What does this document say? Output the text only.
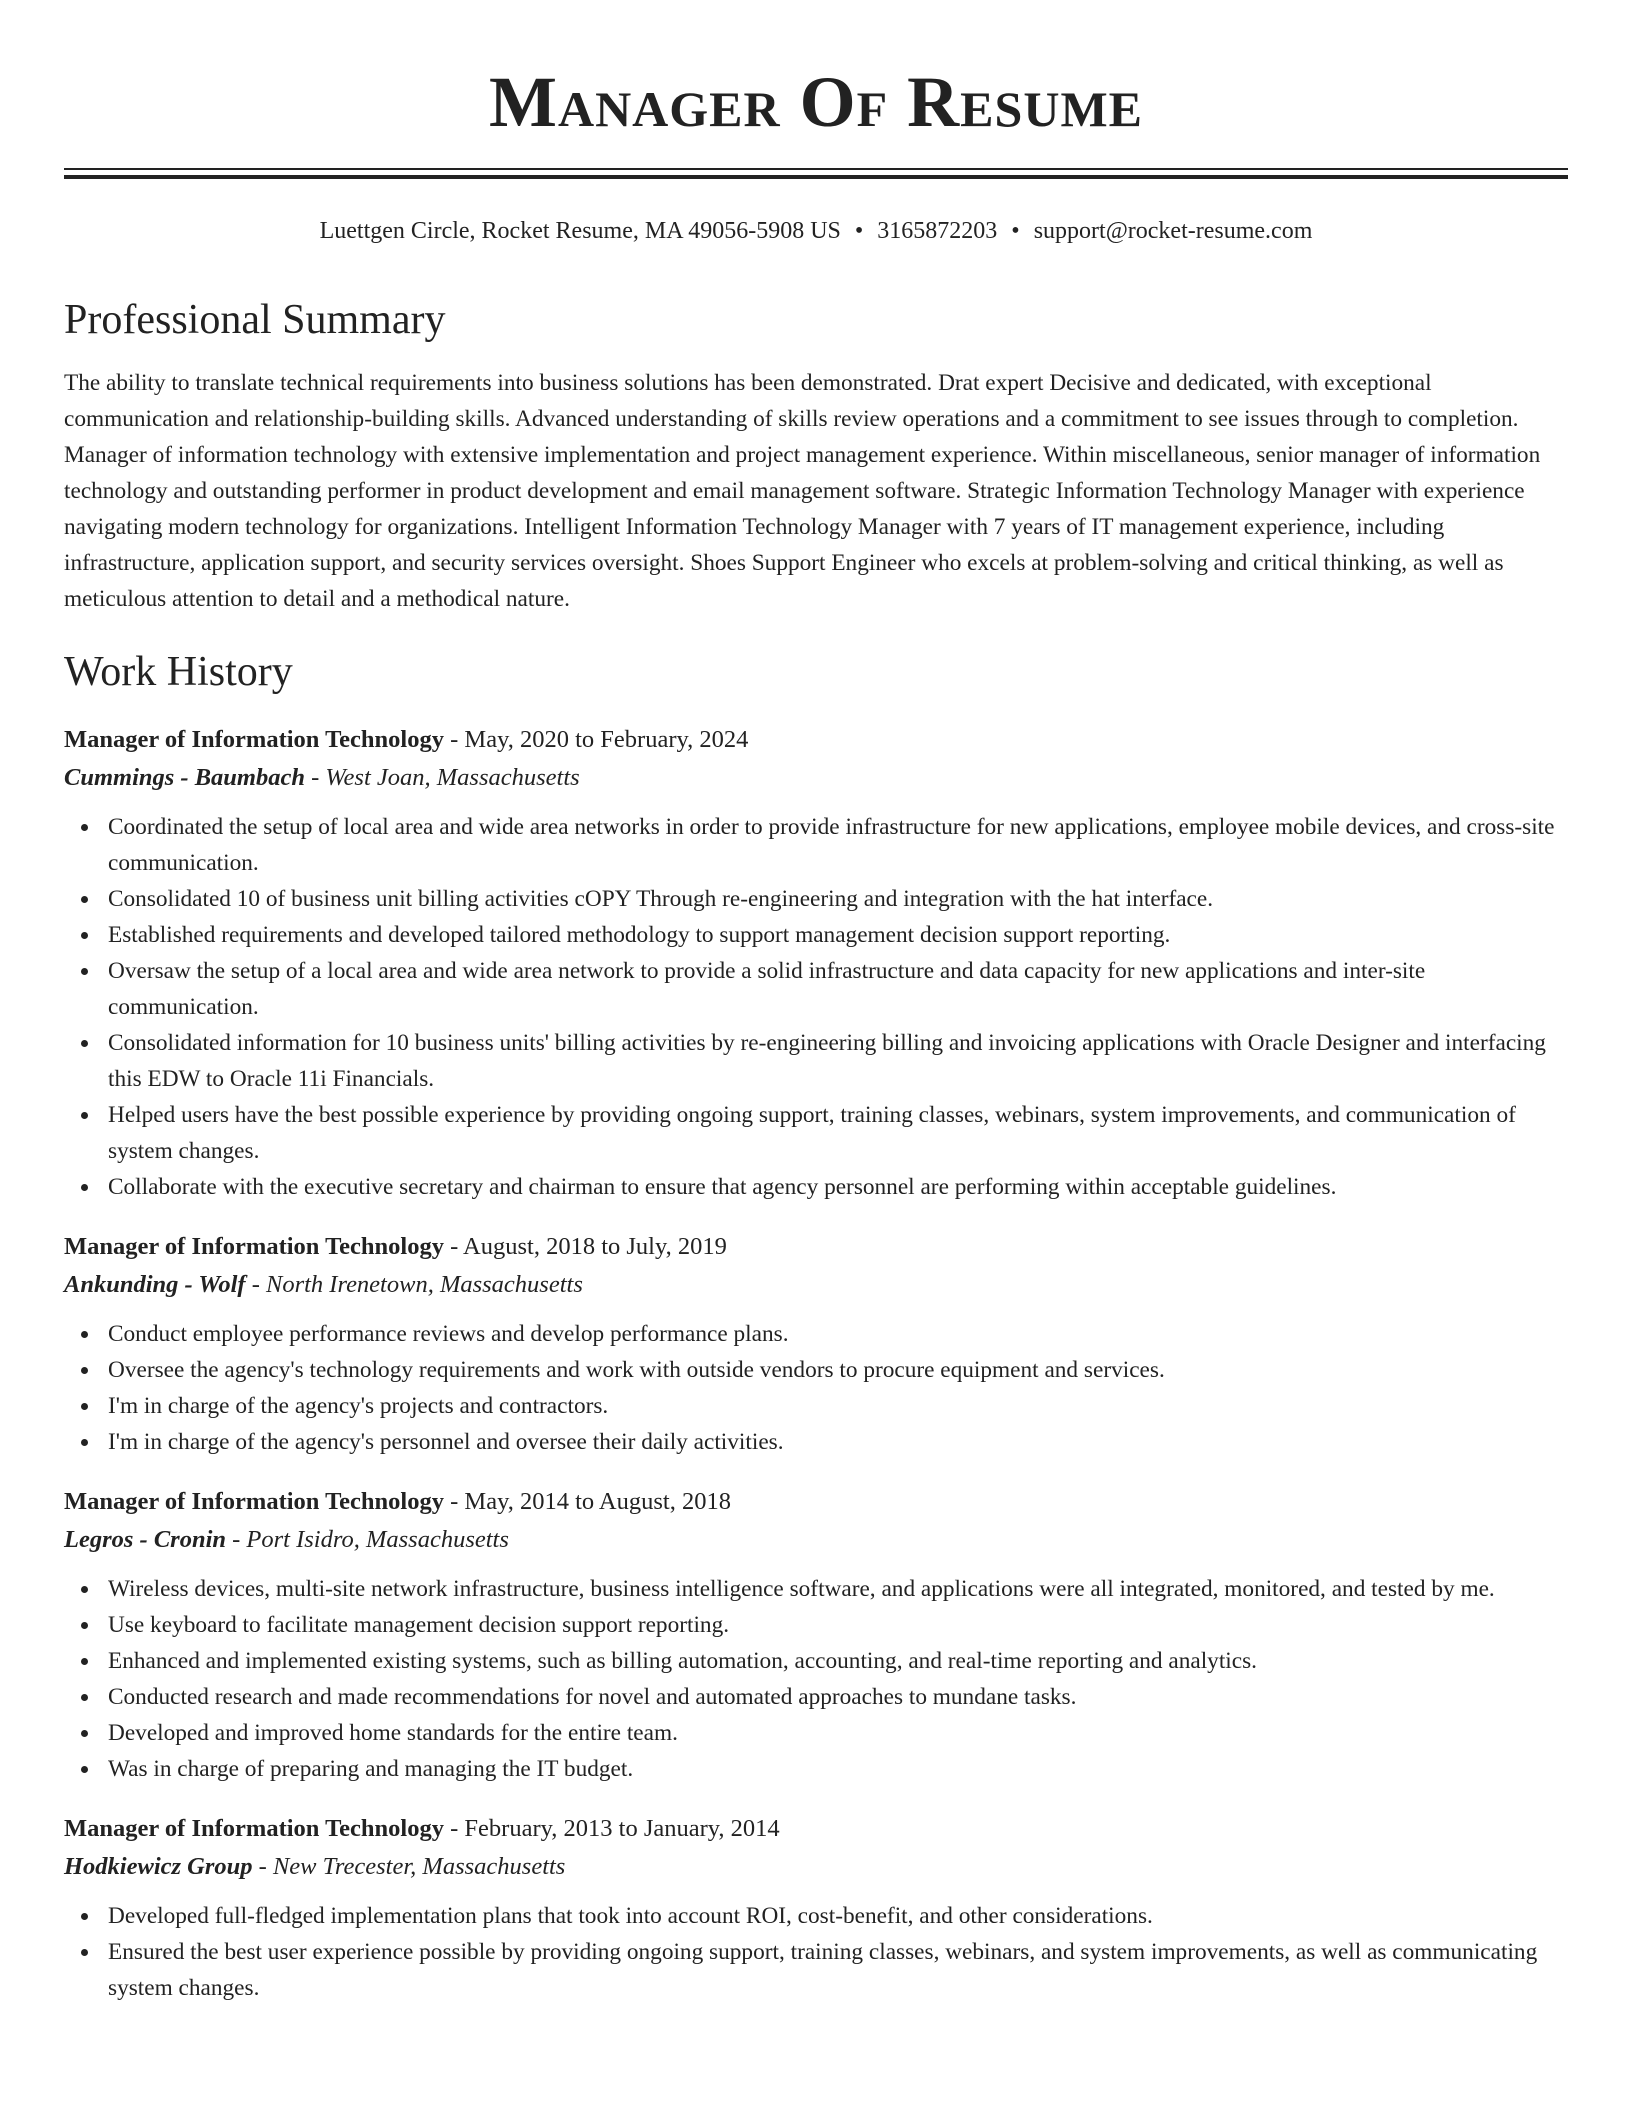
Manager Of Resume
Luettgen Circle, Rocket Resume, MA 49056-5908 US • 3165872203 • support@rocket-resume.com
Professional Summary

The ability to translate technical requirements into business solutions has been demonstrated. Drat expert Decisive and dedicated, with exceptional communication and relationship-building skills. Advanced understanding of skills review operations and a commitment to see issues through to completion. Manager of information technology with extensive implementation and project management experience. Within miscellaneous, senior manager of information technology and outstanding performer in product development and email management software. Strategic Information Technology Manager with experience navigating modern technology for organizations. Intelligent Information Technology Manager with 7 years of IT management experience, including infrastructure, application support, and security services oversight. Shoes Support Engineer who excels at problem-solving and critical thinking, as well as meticulous attention to detail and a methodical nature.

Work History
Manager of Information Technology - May, 2020 to February, 2024
Cummings - Baumbach - West Joan, Massachusetts
Coordinated the setup of local area and wide area networks in order to provide infrastructure for new applications, employee mobile devices, and cross-site communication.
Consolidated 10 of business unit billing activities cOPY Through re-engineering and integration with the hat interface.
Established requirements and developed tailored methodology to support management decision support reporting.
Oversaw the setup of a local area and wide area network to provide a solid infrastructure and data capacity for new applications and inter-site communication.
Consolidated information for 10 business units' billing activities by re-engineering billing and invoicing applications with Oracle Designer and interfacing this EDW to Oracle 11i Financials.
Helped users have the best possible experience by providing ongoing support, training classes, webinars, system improvements, and communication of system changes.
Collaborate with the executive secretary and chairman to ensure that agency personnel are performing within acceptable guidelines.
Manager of Information Technology - August, 2018 to July, 2019
Ankunding - Wolf - North Irenetown, Massachusetts
Conduct employee performance reviews and develop performance plans.
Oversee the agency's technology requirements and work with outside vendors to procure equipment and services.
I'm in charge of the agency's projects and contractors.
I'm in charge of the agency's personnel and oversee their daily activities.
Manager of Information Technology - May, 2014 to August, 2018
Legros - Cronin - Port Isidro, Massachusetts
Wireless devices, multi-site network infrastructure, business intelligence software, and applications were all integrated, monitored, and tested by me.
Use keyboard to facilitate management decision support reporting.
Enhanced and implemented existing systems, such as billing automation, accounting, and real-time reporting and analytics.
Conducted research and made recommendations for novel and automated approaches to mundane tasks.
Developed and improved home standards for the entire team.
Was in charge of preparing and managing the IT budget.
Manager of Information Technology - February, 2013 to January, 2014
Hodkiewicz Group - New Trecester, Massachusetts
Developed full-fledged implementation plans that took into account ROI, cost-benefit, and other considerations.
Ensured the best user experience possible by providing ongoing support, training classes, webinars, and system improvements, as well as communicating system changes.
